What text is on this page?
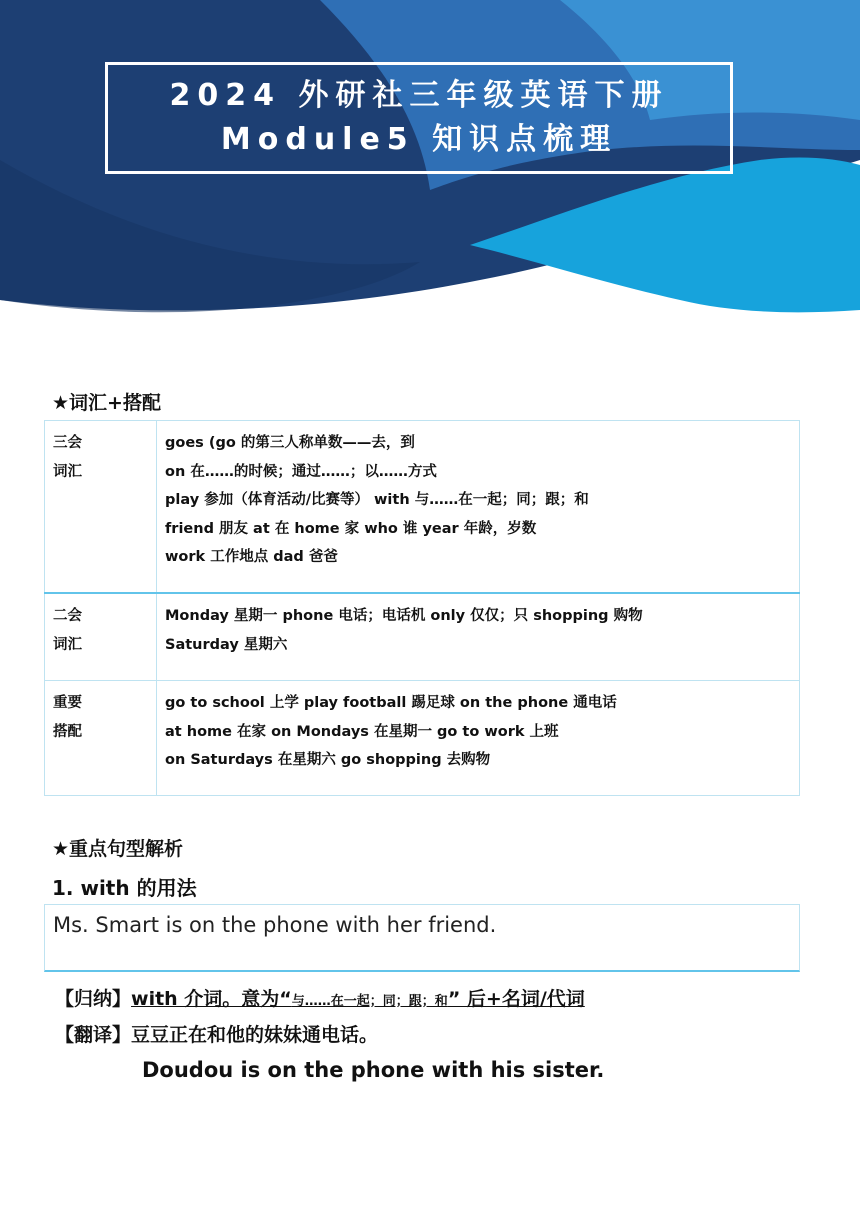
2024 外研社三年级英语下册
Module5 知识点梳理
★词汇+搭配
三会
词汇	goes (go 的第三人称单数——去，到
on 在……的时候；通过……；以……方式
play 参加（体育活动/比赛等） with 与……在一起；同；跟；和
friend 朋友 at 在 home 家 who 谁 year 年龄，岁数
work 工作地点 dad 爸爸

二会
词汇	Monday 星期一 phone 电话；电话机 only 仅仅；只 shopping 购物
Saturday 星期六

重要
搭配	go to school 上学 play football 踢足球 on the phone 通电话
at home 在家 on Mondays 在星期一 go to work 上班
on Saturdays 在星期六 go shopping 去购物
★重点句型解析
1. with 的用法
Ms. Smart is on the phone with her friend.
【归纳】with 介词。意为“与……在一起；同；跟；和” 后+名词/代词
【翻译】豆豆正在和他的妹妹通电话。
Doudou is on the phone with his sister.
